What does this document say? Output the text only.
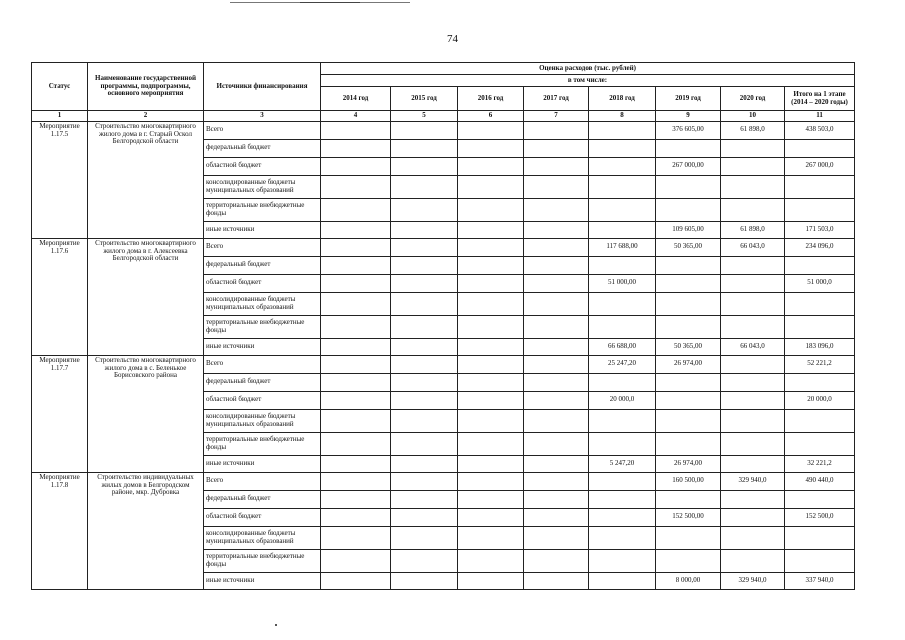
74
Статус	Наименование государственной программы, подпрограммы, основного мероприятия	Источники финансирования	Оценка расходов (тыс. рублей)							
			в том числе:							
			2014 год	2015 год	2016 год	2017 год	2018 год	2019 год	2020 год	Итого на 1 этапе (2014 – 2020 годы)
1	2	3	4	5	6	7	8	9	10	11
Мероприятие 1.17.5	Строительство многоквартирного жилого дома в г. Старый Оскол Белгородской области	Всего						376 605,00	61 898,0	438 503,0
		федеральный бюджет								
		областной бюджет						267 000,00		267 000,0
		консолидированные бюджеты муниципальных образований								
		территориальные внебюджетные фонды								
		иные источники						109 605,00	61 898,0	171 503,0
Мероприятие 1.17.6	Строительство многоквартирного жилого дома в г. Алексеевка Белгородской области	Всего					117 688,00	50 365,00	66 043,0	234 096,0
		федеральный бюджет								
		областной бюджет					51 000,00			51 000,0
		консолидированные бюджеты муниципальных образований								
		территориальные внебюджетные фонды								
		иные источники					66 688,00	50 365,00	66 043,0	183 096,0
Мероприятие 1.17.7	Строительство многоквартирного жилого дома в с. Беленькое Борисовского района	Всего					25 247,20	26 974,00		52 221,2
		федеральный бюджет								
		областной бюджет					20 000,0			20 000,0
		консолидированные бюджеты муниципальных образований								
		территориальные внебюджетные фонды								
		иные источники					5 247,20	26 974,00		32 221,2
Мероприятие 1.17.8	Строительство индивидуальных жилых домов в Белгородском районе, мкр. Дубровка	Всего						160 500,00	329 940,0	490 440,0
		федеральный бюджет								
		областной бюджет						152 500,00		152 500,0
		консолидированные бюджеты муниципальных образований								
		территориальные внебюджетные фонды								
		иные источники						8 000,00	329 940,0	337 940,0
